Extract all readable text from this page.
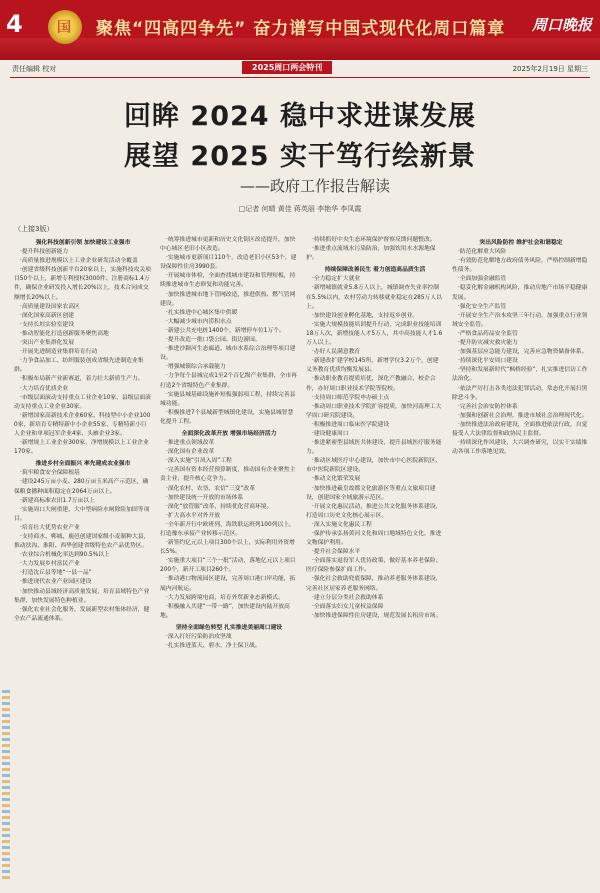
4 国 聚焦“四高四争先” 奋力谱写中国式现代化周口篇章 周口晚报
责任编辑 校对	2025周口两会特刊	2025年2月19日 星期三
回眸 2024 稳中求进谋发展
展望 2025 实干笃行绘新景
——政府工作报告解读
□记者 何晴 黄佳 蒋英丽 李艳华 李凤霞
（上接3版）

强化科技创新引领 加快建设工业强市

·提升科技创新能力

·高质量推进规模以上工业企业研发活动全覆盖

·创建省级科技创新平台20家以上，实施科技攻关项目50个以上，新增专利授权3000件、注册商标1.4万件，确保企业研发投入增长20%以上，技术合同成交额增长20%以上。

·高质量建设国家农高区

·深化国家高新区创建

·支持长垣实验室建设

·推动智能化打造创新服务聚焦高地

·突出产业集群化发展

·开展先进制造业集群培育行动

·力争食品加工、纺织服装创成省级先进制造业集群。

·积极布局新产业新赛道，着力壮大新质生产力。

·大力培育优质企业

·市级层面滚动支持重点工业企业10家，县级层面滚动支持重点工业企业30家。

·新增国家高新技术企业60家、科技型中小企业1000家，新培育专精特新中小企业55家、专精特新小巨人企业和单项冠军企业4家、头雁企业3家。

·新增规上工业企业300家，净增规模以上工业企业170家。

推进乡村全面振兴 率先建成农业强市

·筑牢粮食安全保障根基

·建设245万亩小麦、280万亩玉米高产示范区，确保粮食播种面积稳定在2064万亩以上。

·新建高标准农田1.7万亩以上

·实施周口大闸重建、大中型病险水闸除险加固等项目。

·培育壮大优势农业产业

·支持商水、郸城、鹿邑创建国家级小麦制种大县，推动扶沟、淮阳、西华创建省级特色农产品优势区。

·农业综合机械化率达到90.5%以上

·大力发展乡村富民产业

·打造沈丘县等地“一县一品”

·推进现代农业产业园区建设

·加快推动县域经济高质量发展，培育县域特色产业集群，加快发展特色种植业。

·强化农业社会化服务，发展新型农村集体经济，健全农产品流通体系。

·统筹推进城市更新和历史文化街区改造提升，加快中心城区老旧小区改造。

·实施城市更新项目110个，改造老旧小区53个，建设保障性住房3990套。

·开展城市体检，全面查找城市建设和管理短板，持续推进城市生态修复和功能完善。

·加快推进城市地下管网改造，推进供热、燃气管网建设。

·扎实推进中心城区集中供暖

·大幅减少城市内涝积水点

·新建公共充电桩1400个，新增停车位1万个。

·提升改造一批口袋公园、街边游园。

·推进沙颍河生态廊道、城市水系综合治理等项目建设。

·增强城镇综合承载能力

·力争每个县城完成1至2个百亿级产业集群，全市再打造2个省级特色产业集群。

·实施县城基础设施补短板强弱项工程，持续完善县城功能。

·积极推进7个县城新型城镇化建设，实施县城智慧化提升工程。

全面深化改革开放 增强市场经济活力

·推进重点领域改革

·深化国有企业改革

·深入实施“引凤入周”工程

·完善国有资本经营预算制度，推动国有企业聚焦主责主业，提升核心竞争力。

·深化农村、农垦、农信“三变”改革

·加快建设统一开放的市场体系

·深化“放管服”改革，持续优化营商环境。

·扩大高水平对外开放

·全年新开行中欧班列、海铁联运班列100列以上，打造豫东承接产业转移示范区。

·新签约亿元以上项目300个以上，实际利用外资增长5%。

·实施重大项目“三个一批”活动，落地亿元以上项目200个，新开工项目260个。

·推动港口物流园区建设，完善周口港口岸功能，拓展内河航运。

·大力发展跨境电商，培育外贸新业态新模式。

·积极融入共建“一带一路”，加快建设内陆开放高地。

坚持全面绿色转型 扎实推进美丽周口建设

·深入打好污染防治攻坚战

·扎实推进蓝天、碧水、净土保卫战。

·持续抓好中央生态环境保护督察反馈问题整改。

·推进重点流域水污染防治，加强饮用水水源地保护。

持续保障改善民生 着力创造高品质生活

·全力稳定扩大就业

·新增城镇就业5.8万人以上，城镇调查失业率控制在5.5%以内，农村劳动力转移就业稳定在285万人以上。

·加快建设创业孵化基地，支持返乡创业。

·实施大规模技能培训提升行动，完成职业技能培训18万人次，新增技能人才5万人，其中高技能人才1.6万人以上。

·办好人民满意教育

·新建改扩建学校145所，新增学位3.2万个，创建义务教育优质均衡发展县。

·推动职业教育提质培优，深化产教融合、校企合作，办好周口职业技术学院等院校。

·支持周口师范学院申办硕士点

·推动周口职业技术学院扩容提质，加快河南理工大学周口研究院建设。

·积极推进周口临床医学院建设

·建设健康周口

·推进紧密型县域医共体建设，提升县域医疗服务能力。

·推动区域医疗中心建设，加快市中心医院新院区、市中医院新院区建设。

·推动文化繁荣发展

·加快推进羲皇故都文化旅游区等重点文旅项目建设，创建国家全域旅游示范区。

·开展文化惠民活动，推进公共文化服务体系建设，打造周口历史文化核心展示区。

·深入实施文化惠民工程

·保护传承弘扬黄河文化和周口地域特色文化，推进文物保护利用。

·提升社会保障水平

·全面落实退役军人优待政策，做好基本养老保险、医疗保险参保扩面工作。

·强化社会救助兜底保障，推动养老服务体系建设，完善社区居家养老服务网络。

·建立分层分类社会救助体系

·全面落实妇女儿童权益保障

·加快推进保障性住房建设，规范发展长租房市场。

突出风险防控 维护社会和谐稳定

·防范化解重大风险

·有效防范化解地方政府债务风险，严格控制新增隐性债务。

·全面加强金融监管

·稳妥化解金融机构风险，推动房地产市场平稳健康发展。

·强化安全生产监管

·开展安全生产治本攻坚三年行动，加强重点行业领域安全监管。

·严格食品药品安全监管

·提升防灾减灾救灾能力

·加强基层应急能力建设，完善应急物资储备体系。

·持续深化平安周口建设

·坚持和发展新时代“枫桥经验”，扎实推进信访工作法治化。

·依法严厉打击各类违法犯罪活动，常态化开展扫黑除恶斗争。

·完善社会治安防控体系

·加强和创新社会治理，推进市域社会治理现代化。

·加快推进法治政府建设，全面推进依法行政，自觉接受人大法律监督和政协民主监督。

·持续深化作风建设，大兴调查研究，以实干实绩推动各项工作落地见效。
